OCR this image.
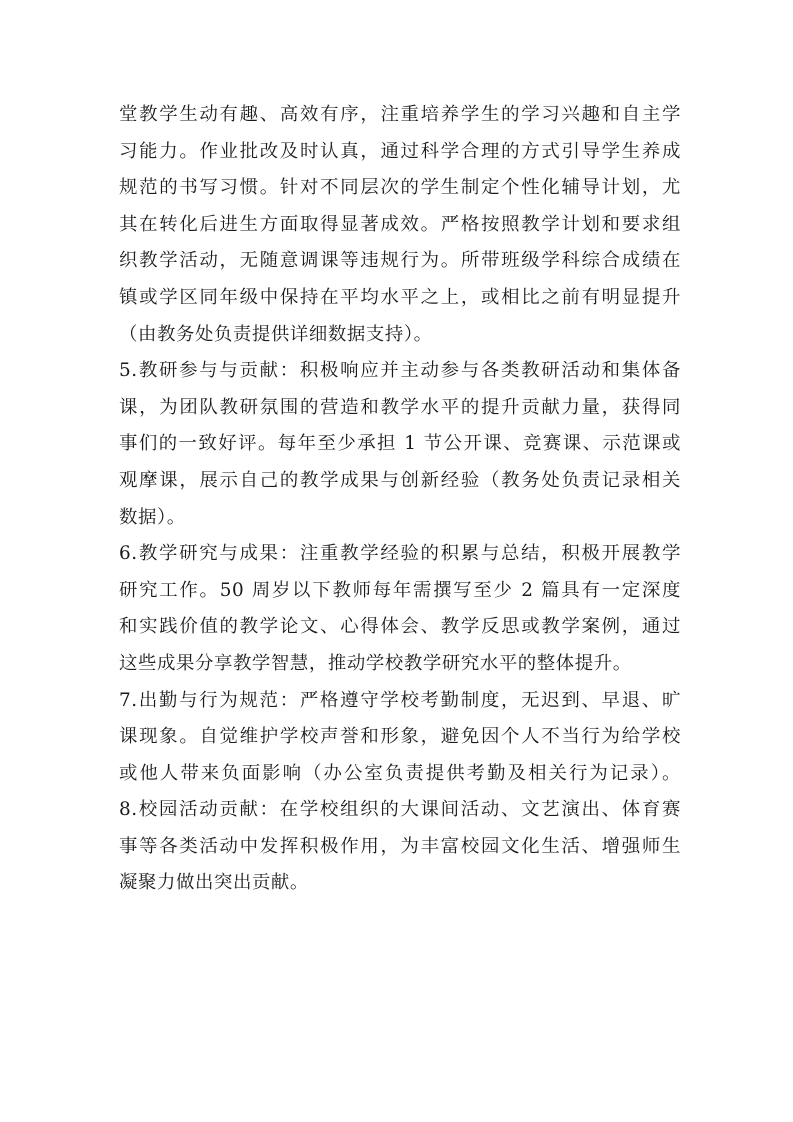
堂教学生动有趣、高效有序，注重培养学生的学习兴趣和自主学
习能力。作业批改及时认真，通过科学合理的方式引导学生养成
规范的书写习惯。针对不同层次的学生制定个性化辅导计划，尤
其在转化后进生方面取得显著成效。严格按照教学计划和要求组
织教学活动，无随意调课等违规行为。所带班级学科综合成绩在
镇或学区同年级中保持在平均水平之上，或相比之前有明显提升
（由教务处负责提供详细数据支持）。
5.教研参与与贡献：积极响应并主动参与各类教研活动和集体备
课，为团队教研氛围的营造和教学水平的提升贡献力量，获得同
事们的一致好评。每年至少承担 1 节公开课、竞赛课、示范课或
观摩课，展示自己的教学成果与创新经验（教务处负责记录相关
数据）。
6.教学研究与成果：注重教学经验的积累与总结，积极开展教学
研究工作。50 周岁以下教师每年需撰写至少 2 篇具有一定深度
和实践价值的教学论文、心得体会、教学反思或教学案例，通过
这些成果分享教学智慧，推动学校教学研究水平的整体提升。
7.出勤与行为规范：严格遵守学校考勤制度，无迟到、早退、旷
课现象。自觉维护学校声誉和形象，避免因个人不当行为给学校
或他人带来负面影响（办公室负责提供考勤及相关行为记录）。
8.校园活动贡献：在学校组织的大课间活动、文艺演出、体育赛
事等各类活动中发挥积极作用，为丰富校园文化生活、增强师生
凝聚力做出突出贡献。
